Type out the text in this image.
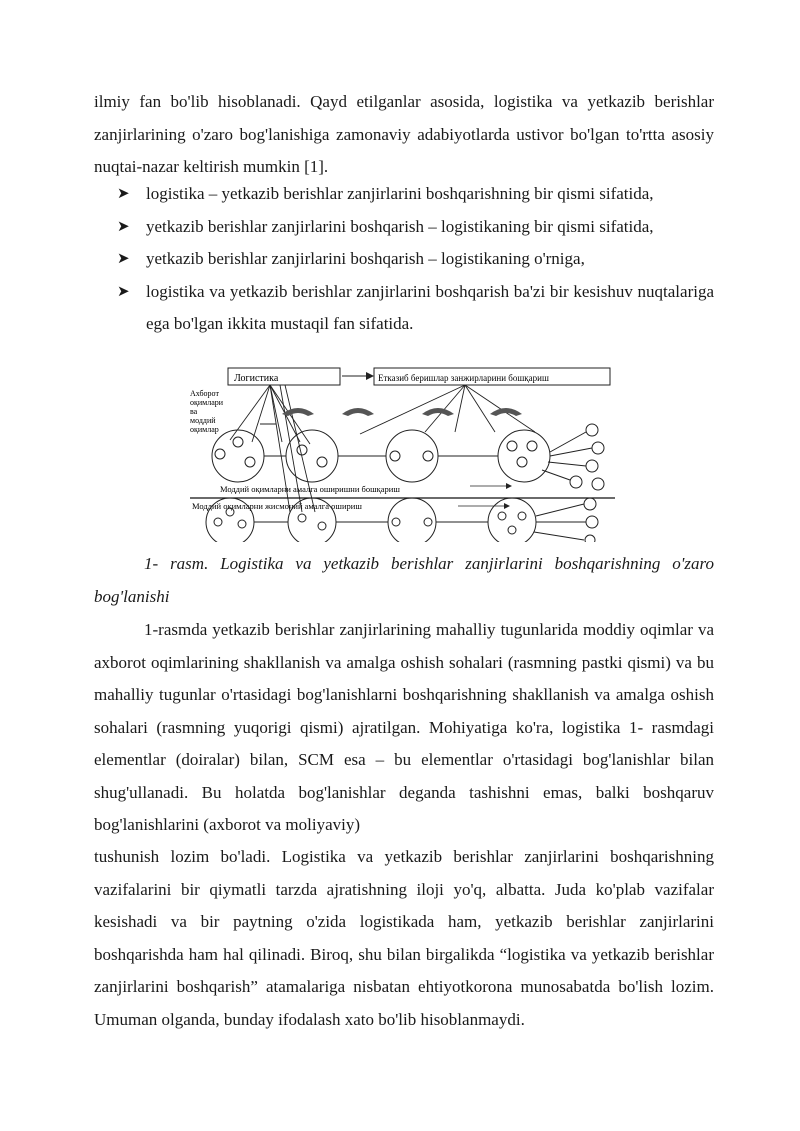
ilmiy fan bo'lib hisoblanadi. Qayd etilganlar asosida, logistika va yetkazib berishlar zanjirlarining o'zaro bog'lanishiga zamonaviy adabiyotlarda ustivor bo'lgan to'rtta asosiy nuqtai-nazar keltirish mumkin [1].

➤ logistika – yetkazib berishlar zanjirlarini boshqarishning bir qismi sifatida,
➤ yetkazib berishlar zanjirlarini boshqarish – logistikaning bir qismi sifatida,
➤ yetkazib berishlar zanjirlarini boshqarish – logistikaning o'rniga,
➤ logistika va yetkazib berishlar zanjirlarini boshqarish ba'zi bir kesishuv nuqtalariga ega bo'lgan ikkita mustaqil fan sifatida.
Логистика	Етказиб беришлар занжирларини бошқариш
Ахборот
оқимлари
ва
моддий
оқимлар
Моддий оқимларни амалга оширишни бошқариш
Моддий оқимларни жисмоний амалга ошириш

1- rasm. Logistika va yetkazib berishlar zanjirlarini boshqarishning o'zaro bog'lanishi

1-rasmda yetkazib berishlar zanjirlarining mahalliy tugunlarida moddiy oqimlar va axborot oqimlarining shakllanish va amalga oshish sohalari (rasmning pastki qismi) va bu mahalliy tugunlar o'rtasidagi bog'lanishlarni boshqarishning shakllanish va amalga oshish sohalari (rasmning yuqorigi qismi) ajratilgan. Mohiyatiga ko'ra, logistika 1- rasmdagi elementlar (doiralar) bilan, SCM esa – bu elementlar o'rtasidagi bog'lanishlar bilan shug'ullanadi. Bu holatda bog'lanishlar deganda tashishni emas, balki boshqaruv bog'lanishlarini (axborot va moliyaviy)

tushunish lozim bo'ladi. Logistika va yetkazib berishlar zanjirlarini boshqarishning vazifalarini bir qiymatli tarzda ajratishning iloji yo'q, albatta. Juda ko'plab vazifalar kesishadi va bir paytning o'zida logistikada ham, yetkazib berishlar zanjirlarini boshqarishda ham hal qilinadi. Biroq, shu bilan birgalikda “logistika va yetkazib berishlar zanjirlarini boshqarish” atamalariga nisbatan ehtiyotkorona munosabatda bo'lish lozim. Umuman olganda, bunday ifodalash xato bo'lib hisoblanmaydi.
